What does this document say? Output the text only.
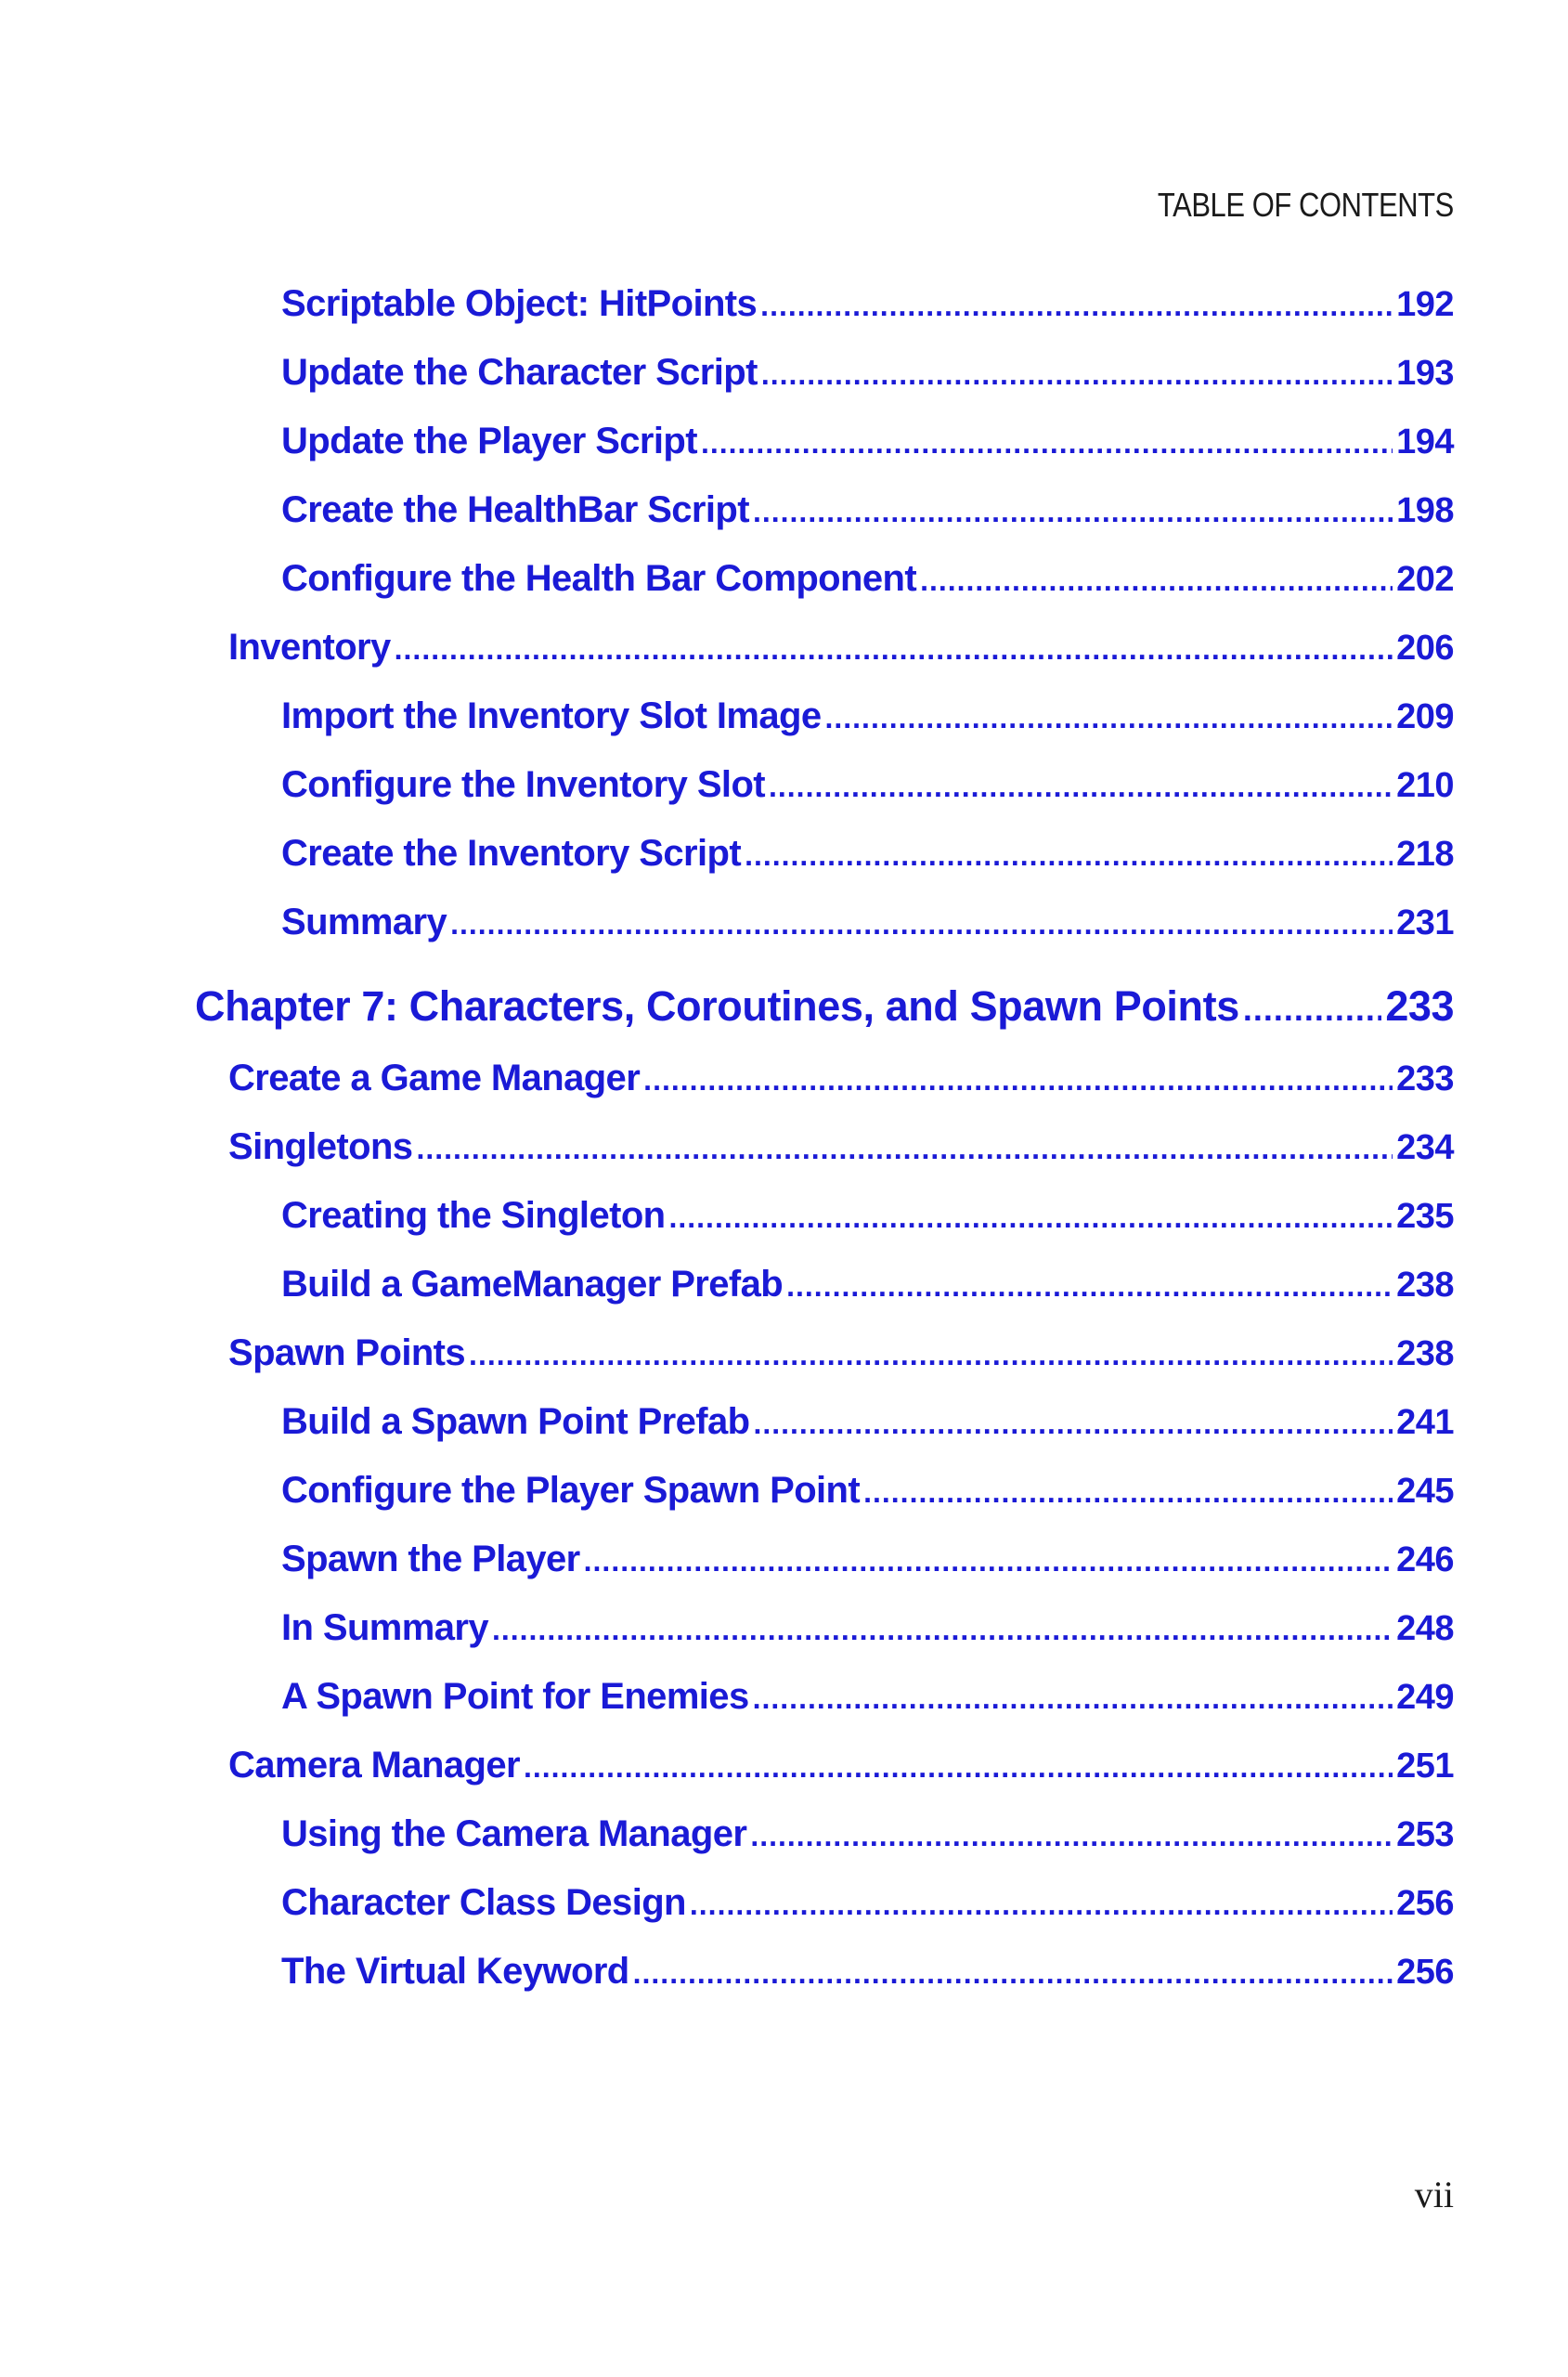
TABLE OF CONTENTS
Scriptable Object: HitPoints .....	192
Update the Character Script .....	193
Update the Player Script .....	194
Create the HealthBar Script .....	198
Configure the Health Bar Component .....	202
Inventory .....	206
Import the Inventory Slot Image .....	209
Configure the Inventory Slot .....	210
Create the Inventory Script .....	218
Summary .....	231
Chapter 7: Characters, Coroutines, and Spawn Points .....	233
Create a Game Manager .....	233
Singletons .....	234
Creating the Singleton .....	235
Build a GameManager Prefab .....	238
Spawn Points .....	238
Build a Spawn Point Prefab .....	241
Configure the Player Spawn Point .....	245
Spawn the Player .....	246
In Summary .....	248
A Spawn Point for Enemies .....	249
Camera Manager .....	251
Using the Camera Manager .....	253
Character Class Design .....	256
The Virtual Keyword .....	256
vii
